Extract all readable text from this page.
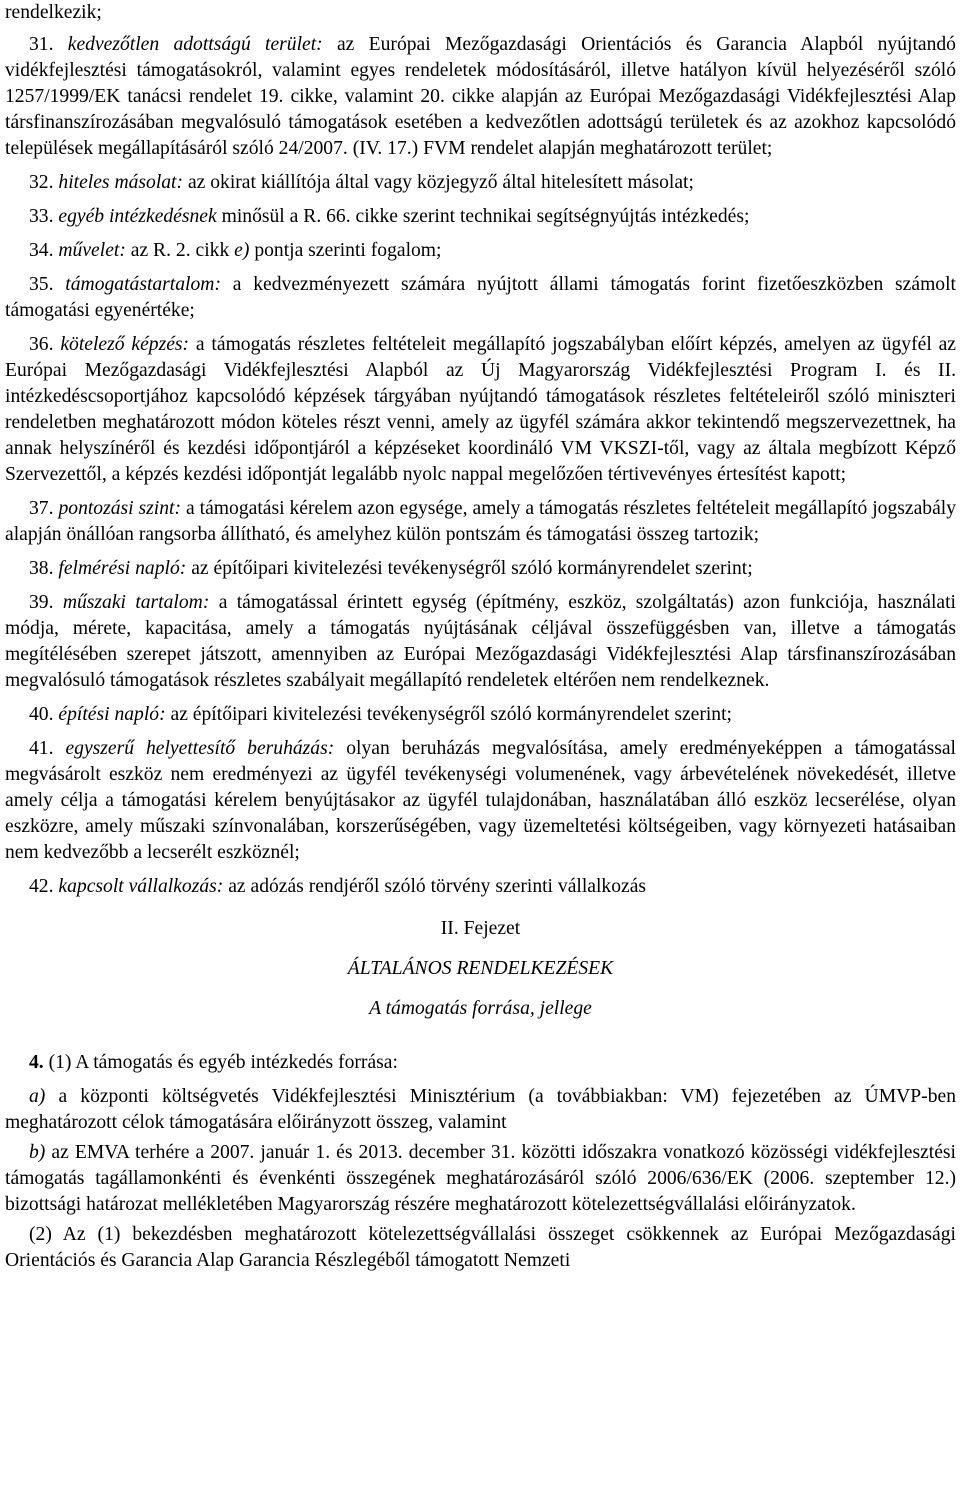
rendelkezik;

31. kedvezőtlen adottságú terület: az Európai Mezőgazdasági Orientációs és Garancia Alapból nyújtandó vidékfejlesztési támogatásokról, valamint egyes rendeletek módosításáról, illetve hatályon kívül helyezéséről szóló 1257/1999/EK tanácsi rendelet 19. cikke, valamint 20. cikke alapján az Európai Mezőgazdasági Vidékfejlesztési Alap társfinanszírozásában megvalósuló támogatások esetében a kedvezőtlen adottságú területek és az azokhoz kapcsolódó települések megállapításáról szóló 24/2007. (IV. 17.) FVM rendelet alapján meghatározott terület;

32. hiteles másolat: az okirat kiállítója által vagy közjegyző által hitelesített másolat;

33. egyéb intézkedésnek minősül a R. 66. cikke szerint technikai segítségnyújtás intézkedés;

34. művelet: az R. 2. cikk e) pontja szerinti fogalom;

35. támogatástartalom: a kedvezményezett számára nyújtott állami támogatás forint fizetőeszközben számolt támogatási egyenértéke;

36. kötelező képzés: a támogatás részletes feltételeit megállapító jogszabályban előírt képzés, amelyen az ügyfél az Európai Mezőgazdasági Vidékfejlesztési Alapból az Új Magyarország Vidékfejlesztési Program I. és II. intézkedéscsoportjához kapcsolódó képzések tárgyában nyújtandó támogatások részletes feltételeiről szóló miniszteri rendeletben meghatározott módon köteles részt venni, amely az ügyfél számára akkor tekintendő megszervezettnek, ha annak helyszínéről és kezdési időpontjáról a képzéseket koordináló VM VKSZI-től, vagy az általa megbízott Képző Szervezettől, a képzés kezdési időpontját legalább nyolc nappal megelőzően tértivevényes értesítést kapott;

37. pontozási szint: a támogatási kérelem azon egysége, amely a támogatás részletes feltételeit megállapító jogszabály alapján önállóan rangsorba állítható, és amelyhez külön pontszám és támogatási összeg tartozik;

38. felmérési napló: az építőipari kivitelezési tevékenységről szóló kormányrendelet szerint;

39. műszaki tartalom: a támogatással érintett egység (építmény, eszköz, szolgáltatás) azon funkciója, használati módja, mérete, kapacitása, amely a támogatás nyújtásának céljával összefüggésben van, illetve a támogatás megítélésében szerepet játszott, amennyiben az Európai Mezőgazdasági Vidékfejlesztési Alap társfinanszírozásában megvalósuló támogatások részletes szabályait megállapító rendeletek eltérően nem rendelkeznek.

40. építési napló: az építőipari kivitelezési tevékenységről szóló kormányrendelet szerint;

41. egyszerű helyettesítő beruházás: olyan beruházás megvalósítása, amely eredményeképpen a támogatással megvásárolt eszköz nem eredményezi az ügyfél tevékenységi volumenének, vagy árbevételének növekedését, illetve amely célja a támogatási kérelem benyújtásakor az ügyfél tulajdonában, használatában álló eszköz lecserélése, olyan eszközre, amely műszaki színvonalában, korszerűségében, vagy üzemeltetési költségeiben, vagy környezeti hatásaiban nem kedvezőbb a lecserélt eszköznél;

42. kapcsolt vállalkozás: az adózás rendjéről szóló törvény szerinti vállalkozás

II. Fejezet

ÁLTALÁNOS RENDELKEZÉSEK

A támogatás forrása, jellege

4. (1) A támogatás és egyéb intézkedés forrása:

a) a központi költségvetés Vidékfejlesztési Minisztérium (a továbbiakban: VM) fejezetében az ÚMVP-ben meghatározott célok támogatására előirányzott összeg, valamint

b) az EMVA terhére a 2007. január 1. és 2013. december 31. közötti időszakra vonatkozó közösségi vidékfejlesztési támogatás tagállamonkénti és évenkénti összegének meghatározásáról szóló 2006/636/EK (2006. szeptember 12.) bizottsági határozat mellékletében Magyarország részére meghatározott kötelezettségvállalási előirányzatok.

(2) Az (1) bekezdésben meghatározott kötelezettségvállalási összeget csökkennek az Európai Mezőgazdasági Orientációs és Garancia Alap Garancia Részlegéből támogatott Nemzeti
